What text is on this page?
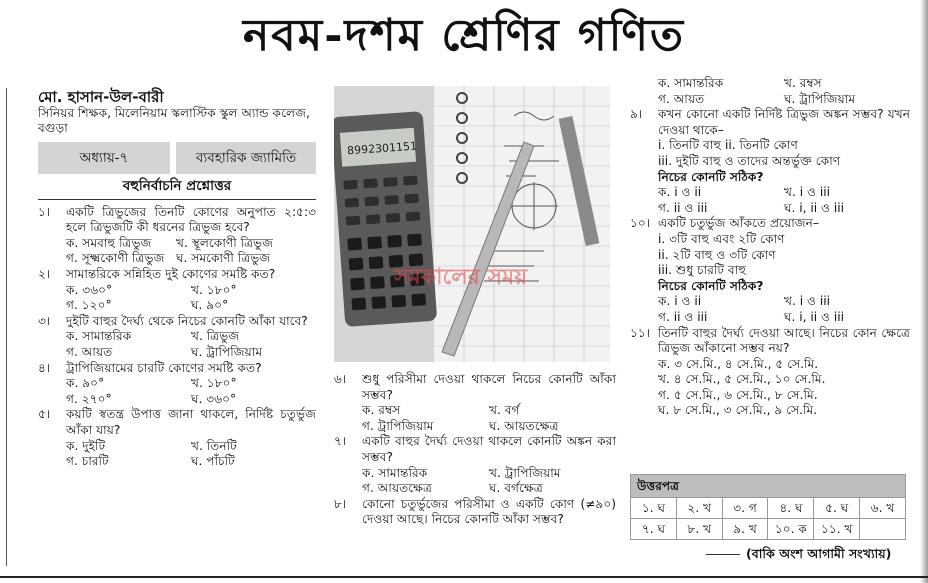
নবম-দশম শ্রেণির গণিত
মো. হাসান-উল-বারী
সিনিয়র শিক্ষক, মিলেনিয়াম স্কলাস্টিক স্কুল অ্যান্ড কলেজ, বগুড়া
অধ্যায়-৭	ব্যবহারিক জ্যামিতি
বহুনির্বাচনি প্রশ্নোত্তর
১।	একটি ত্রিভুজের তিনটি কোণের অনুপাত ২:৫:৩ হলে ত্রিভুজটি কী ধরনের ত্রিভুজ হবে?
ক. সমবাহু ত্রিভুজ	খ. স্থূলকোণী ত্রিভুজ
গ. সূক্ষ্মকোণী ত্রিভুজ ঘ. সমকোণী ত্রিভুজ
২।	সামান্তরিকে সন্নিহিত দুই কোণের সমষ্টি কত?
ক. ৩৬০°	খ. ১৮০°
গ. ১২০°	ঘ. ৯০°
৩।	দুইটি বাহুর দৈর্ঘ্য থেকে নিচের কোনটি আঁকা যাবে?
ক. সামান্তরিক	খ. ত্রিভুজ
গ. আয়ত	ঘ. ট্রাপিজিয়াম
৪।	ট্রাপিজিয়ামের চারটি কোণের সমষ্টি কত?
ক. ৯০°	খ. ১৮০°
গ. ২৭০°	ঘ. ৩৬০°
৫।	কয়টি স্বতন্ত্র উপাত্ত জানা থাকলে, নির্দিষ্ট চতুর্ভুজ আঁকা যায়?
ক. দুইটি	খ. তিনটি
গ. চারটি	ঘ. পাঁচটি
8992301151
সমকালের সময়
৬।	শুধু পরিসীমা দেওয়া থাকলে নিচের কোনটি আঁকা সম্ভব?
ক. রম্বস	খ. বর্গ
গ. ট্রাপিজিয়াম	ঘ. আয়তক্ষেত্র
৭।	একটি বাহুর দৈর্ঘ্য দেওয়া থাকলে কোনটি অঙ্কন করা সম্ভব?
ক. সামান্তরিক	খ. ট্রাপিজিয়াম
গ. আয়তক্ষেত্র	ঘ. বর্গক্ষেত্র
৮।	কোনো চতুর্ভুজের পরিসীমা ও একটি কোণ (≠৯০) দেওয়া আছে। নিচের কোনটি আঁকা সম্ভব?
ক. সামান্তরিক	খ. রম্বস
গ. আয়ত	ঘ. ট্রাপিজিয়াম
৯।	কখন কোনো একটি নির্দিষ্ট ত্রিভুজ অঙ্কন সম্ভব? যখন দেওয়া থাকে–
i. তিনটি বাহু ii. তিনটি কোণ
iii. দুইটি বাহু ও তাদের অন্তর্ভুক্ত কোণ
নিচের কোনটি সঠিক?
ক. i ও ii	খ. i ও iii
গ. ii ও iii	ঘ. i, ii ও iii
১০। একটি চতুর্ভুজ আঁকতে প্রয়োজন–
i. ৩টি বাহু এবং ২টি কোণ
ii. ২টি বাহু ও ৩টি কোণ
iii. শুধু চারটি বাহু
নিচের কোনটি সঠিক?
ক. i ও ii	খ. i ও iii
গ. ii ও iii	ঘ. i, ii ও iii
১১। তিনটি বাহুর দৈর্ঘ্য দেওয়া আছে। নিচের কোন ক্ষেত্রে ত্রিভুজ আঁকানো সম্ভব নয়?
ক. ৩ সে.মি., ৪ সে.মি., ৫ সে.মি.
খ. ৪ সে.মি., ৫ সে.মি., ১০ সে.মি.
গ. ৫ সে.মি., ৬ সে.মি., ৮ সে.মি.
ঘ. ৮ সে.মি., ৩ সে.মি., ৯ সে.মি.
উত্তরপত্র
১. ঘ	২. খ	৩. গ	৪. ঘ	৫. ঘ	৬. খ
৭. ঘ	৮. খ	৯. খ	১০. ক	১১. খ
(বাকি অংশ আগামী সংখ্যায়)
